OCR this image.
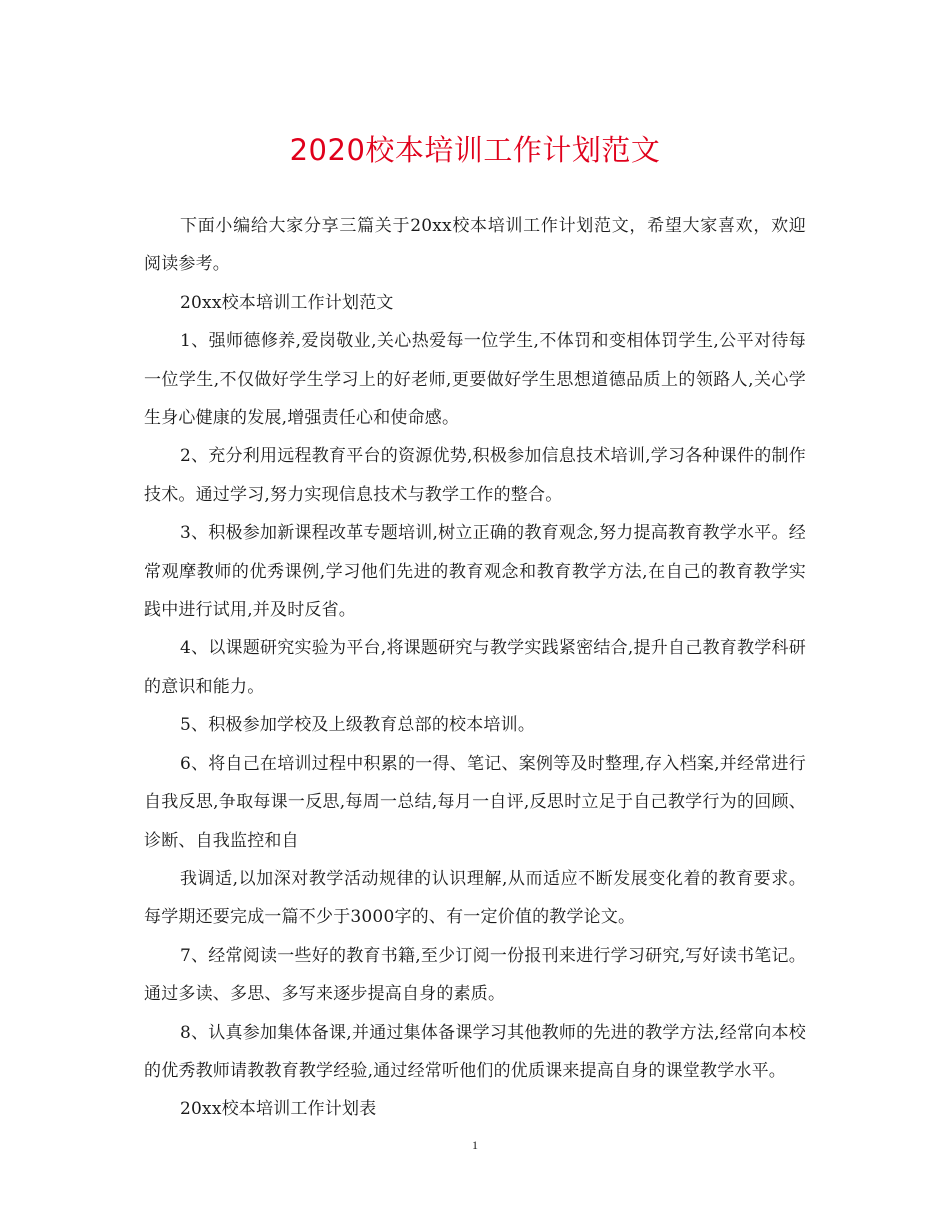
2020校本培训工作计划范文

下面小编给大家分享三篇关于20xx校本培训工作计划范文，希望大家喜欢，欢迎阅读参考。

20xx校本培训工作计划范文

1、强师德修养,爱岗敬业,关心热爱每一位学生,不体罚和变相体罚学生,公平对待每一位学生,不仅做好学生学习上的好老师,更要做好学生思想道德品质上的领路人,关心学生身心健康的发展,增强责任心和使命感。

2、充分利用远程教育平台的资源优势,积极参加信息技术培训,学习各种课件的制作技术。通过学习,努力实现信息技术与教学工作的整合。

3、积极参加新课程改革专题培训,树立正确的教育观念,努力提高教育教学水平。经常观摩教师的优秀课例,学习他们先进的教育观念和教育教学方法,在自己的教育教学实践中进行试用,并及时反省。

4、以课题研究实验为平台,将课题研究与教学实践紧密结合,提升自己教育教学科研的意识和能力。

5、积极参加学校及上级教育总部的校本培训。

6、将自己在培训过程中积累的一得、笔记、案例等及时整理,存入档案,并经常进行自我反思,争取每课一反思,每周一总结,每月一自评,反思时立足于自己教学行为的回顾、诊断、自我监控和自

我调适,以加深对教学活动规律的认识理解,从而适应不断发展变化着的教育要求。每学期还要完成一篇不少于3000字的、有一定价值的教学论文。

7、经常阅读一些好的教育书籍,至少订阅一份报刊来进行学习研究,写好读书笔记。通过多读、多思、多写来逐步提高自身的素质。

8、认真参加集体备课,并通过集体备课学习其他教师的先进的教学方法,经常向本校的优秀教师请教教育教学经验,通过经常听他们的优质课来提高自身的课堂教学水平。

20xx校本培训工作计划表

1
